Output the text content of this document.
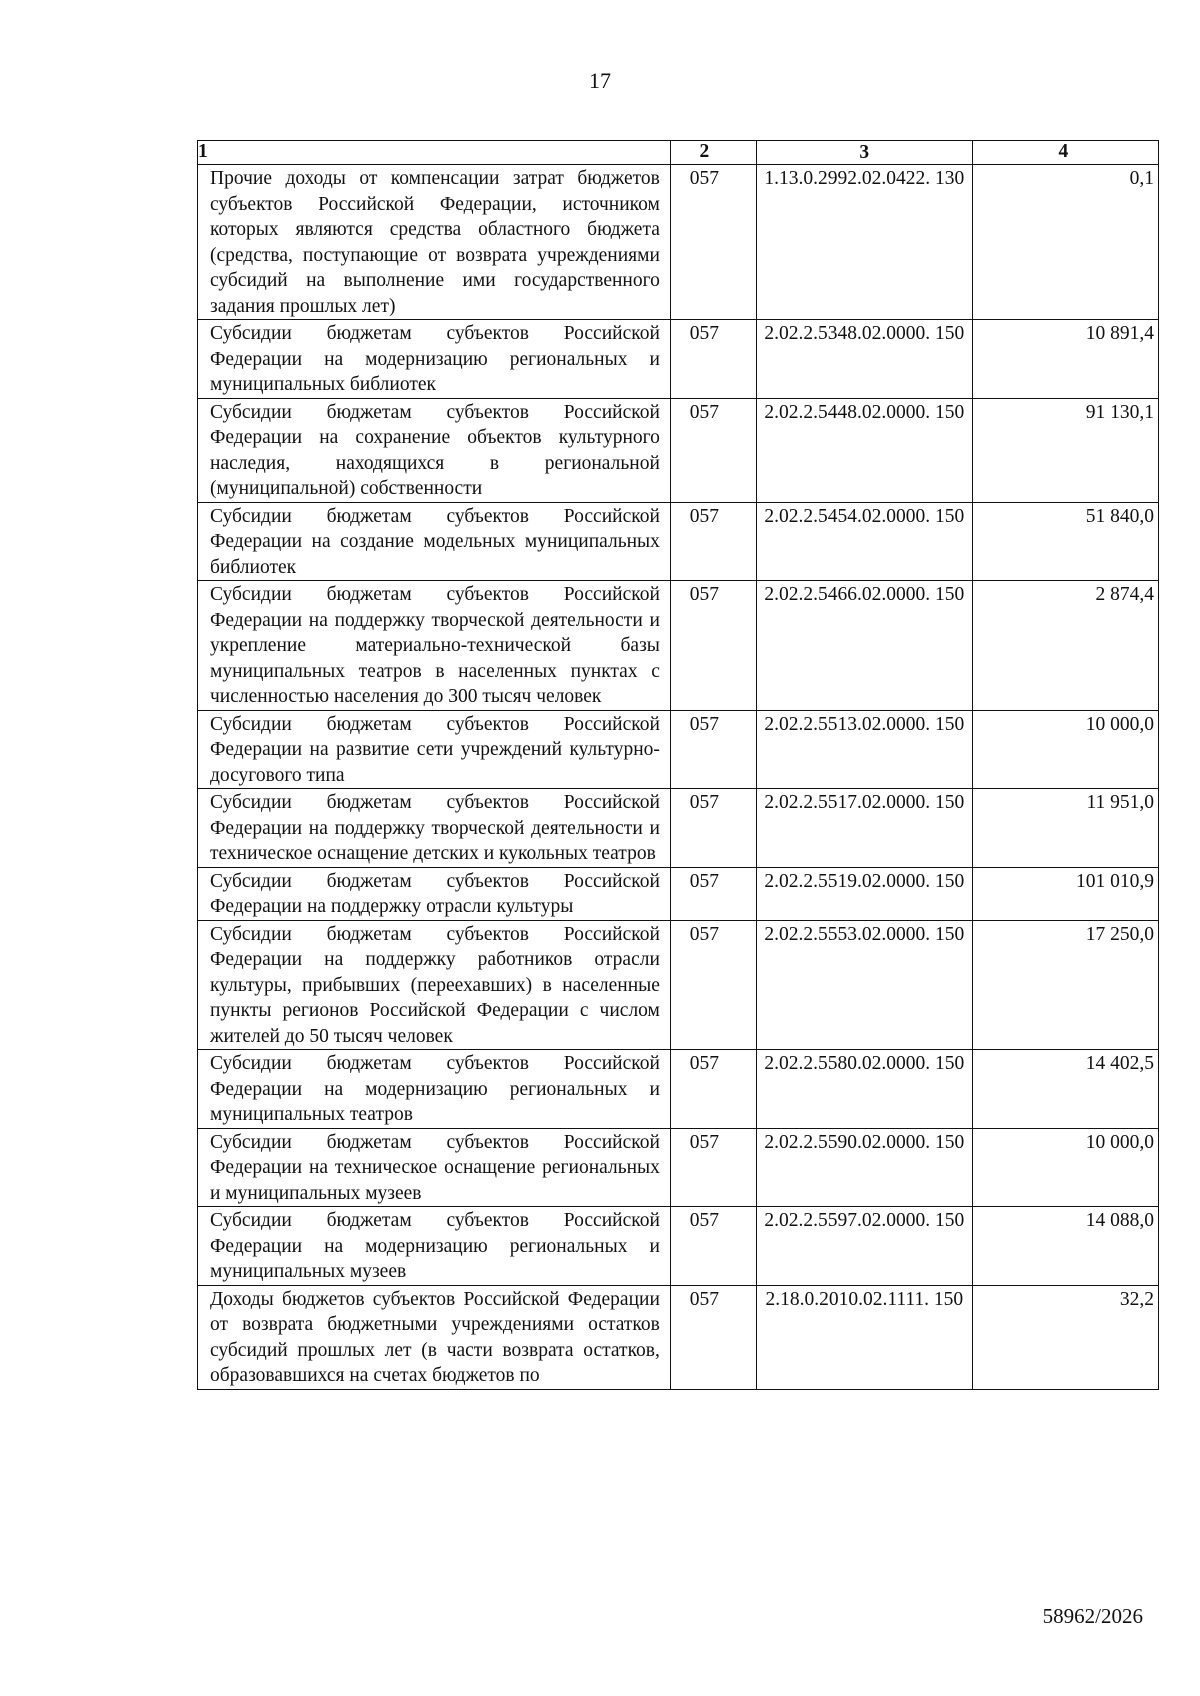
17
1	2	3	4
Прочие доходы от компенсации затрат бюджетов субъектов Российской Федерации, источником которых являются средства областного бюджета (средства, поступающие от возврата учреждениями субсидий на выполнение ими государственного задания прошлых лет)	057	1.13.0.2992.02.0422. 130	0,1
Субсидии бюджетам субъектов Российской Федерации на модернизацию региональных и муниципальных библиотек	057	2.02.2.5348.02.0000. 150	10 891,4
Субсидии бюджетам субъектов Российской Федерации на сохранение объектов культурного наследия, находящихся в региональной (муниципальной) собственности	057	2.02.2.5448.02.0000. 150	91 130,1
Субсидии бюджетам субъектов Российской Федерации на создание модельных муниципальных библиотек	057	2.02.2.5454.02.0000. 150	51 840,0
Субсидии бюджетам субъектов Российской Федерации на поддержку творческой деятельности и укрепление материально-технической базы муниципальных театров в населенных пунктах с численностью населения до 300 тысяч человек	057	2.02.2.5466.02.0000. 150	2 874,4
Субсидии бюджетам субъектов Российской Федерации на развитие сети учреждений культурно-досугового типа	057	2.02.2.5513.02.0000. 150	10 000,0
Субсидии бюджетам субъектов Российской Федерации на поддержку творческой деятельности и техническое оснащение детских и кукольных театров	057	2.02.2.5517.02.0000. 150	11 951,0
Субсидии бюджетам субъектов Российской Федерации на поддержку отрасли культуры	057	2.02.2.5519.02.0000. 150	101 010,9
Субсидии бюджетам субъектов Российской Федерации на поддержку работников отрасли культуры, прибывших (переехавших) в населенные пункты регионов Российской Федерации с числом жителей до 50 тысяч человек	057	2.02.2.5553.02.0000. 150	17 250,0
Субсидии бюджетам субъектов Российской Федерации на модернизацию региональных и муниципальных театров	057	2.02.2.5580.02.0000. 150	14 402,5
Субсидии бюджетам субъектов Российской Федерации на техническое оснащение региональных и муниципальных музеев	057	2.02.2.5590.02.0000. 150	10 000,0
Субсидии бюджетам субъектов Российской Федерации на модернизацию региональных и муниципальных музеев	057	2.02.2.5597.02.0000. 150	14 088,0
Доходы бюджетов субъектов Российской Федерации от возврата бюджетными учреждениями остатков субсидий прошлых лет (в части возврата остатков, образовавшихся на счетах бюджетов по	057	2.18.0.2010.02.1111. 150	32,2
58962/2026
